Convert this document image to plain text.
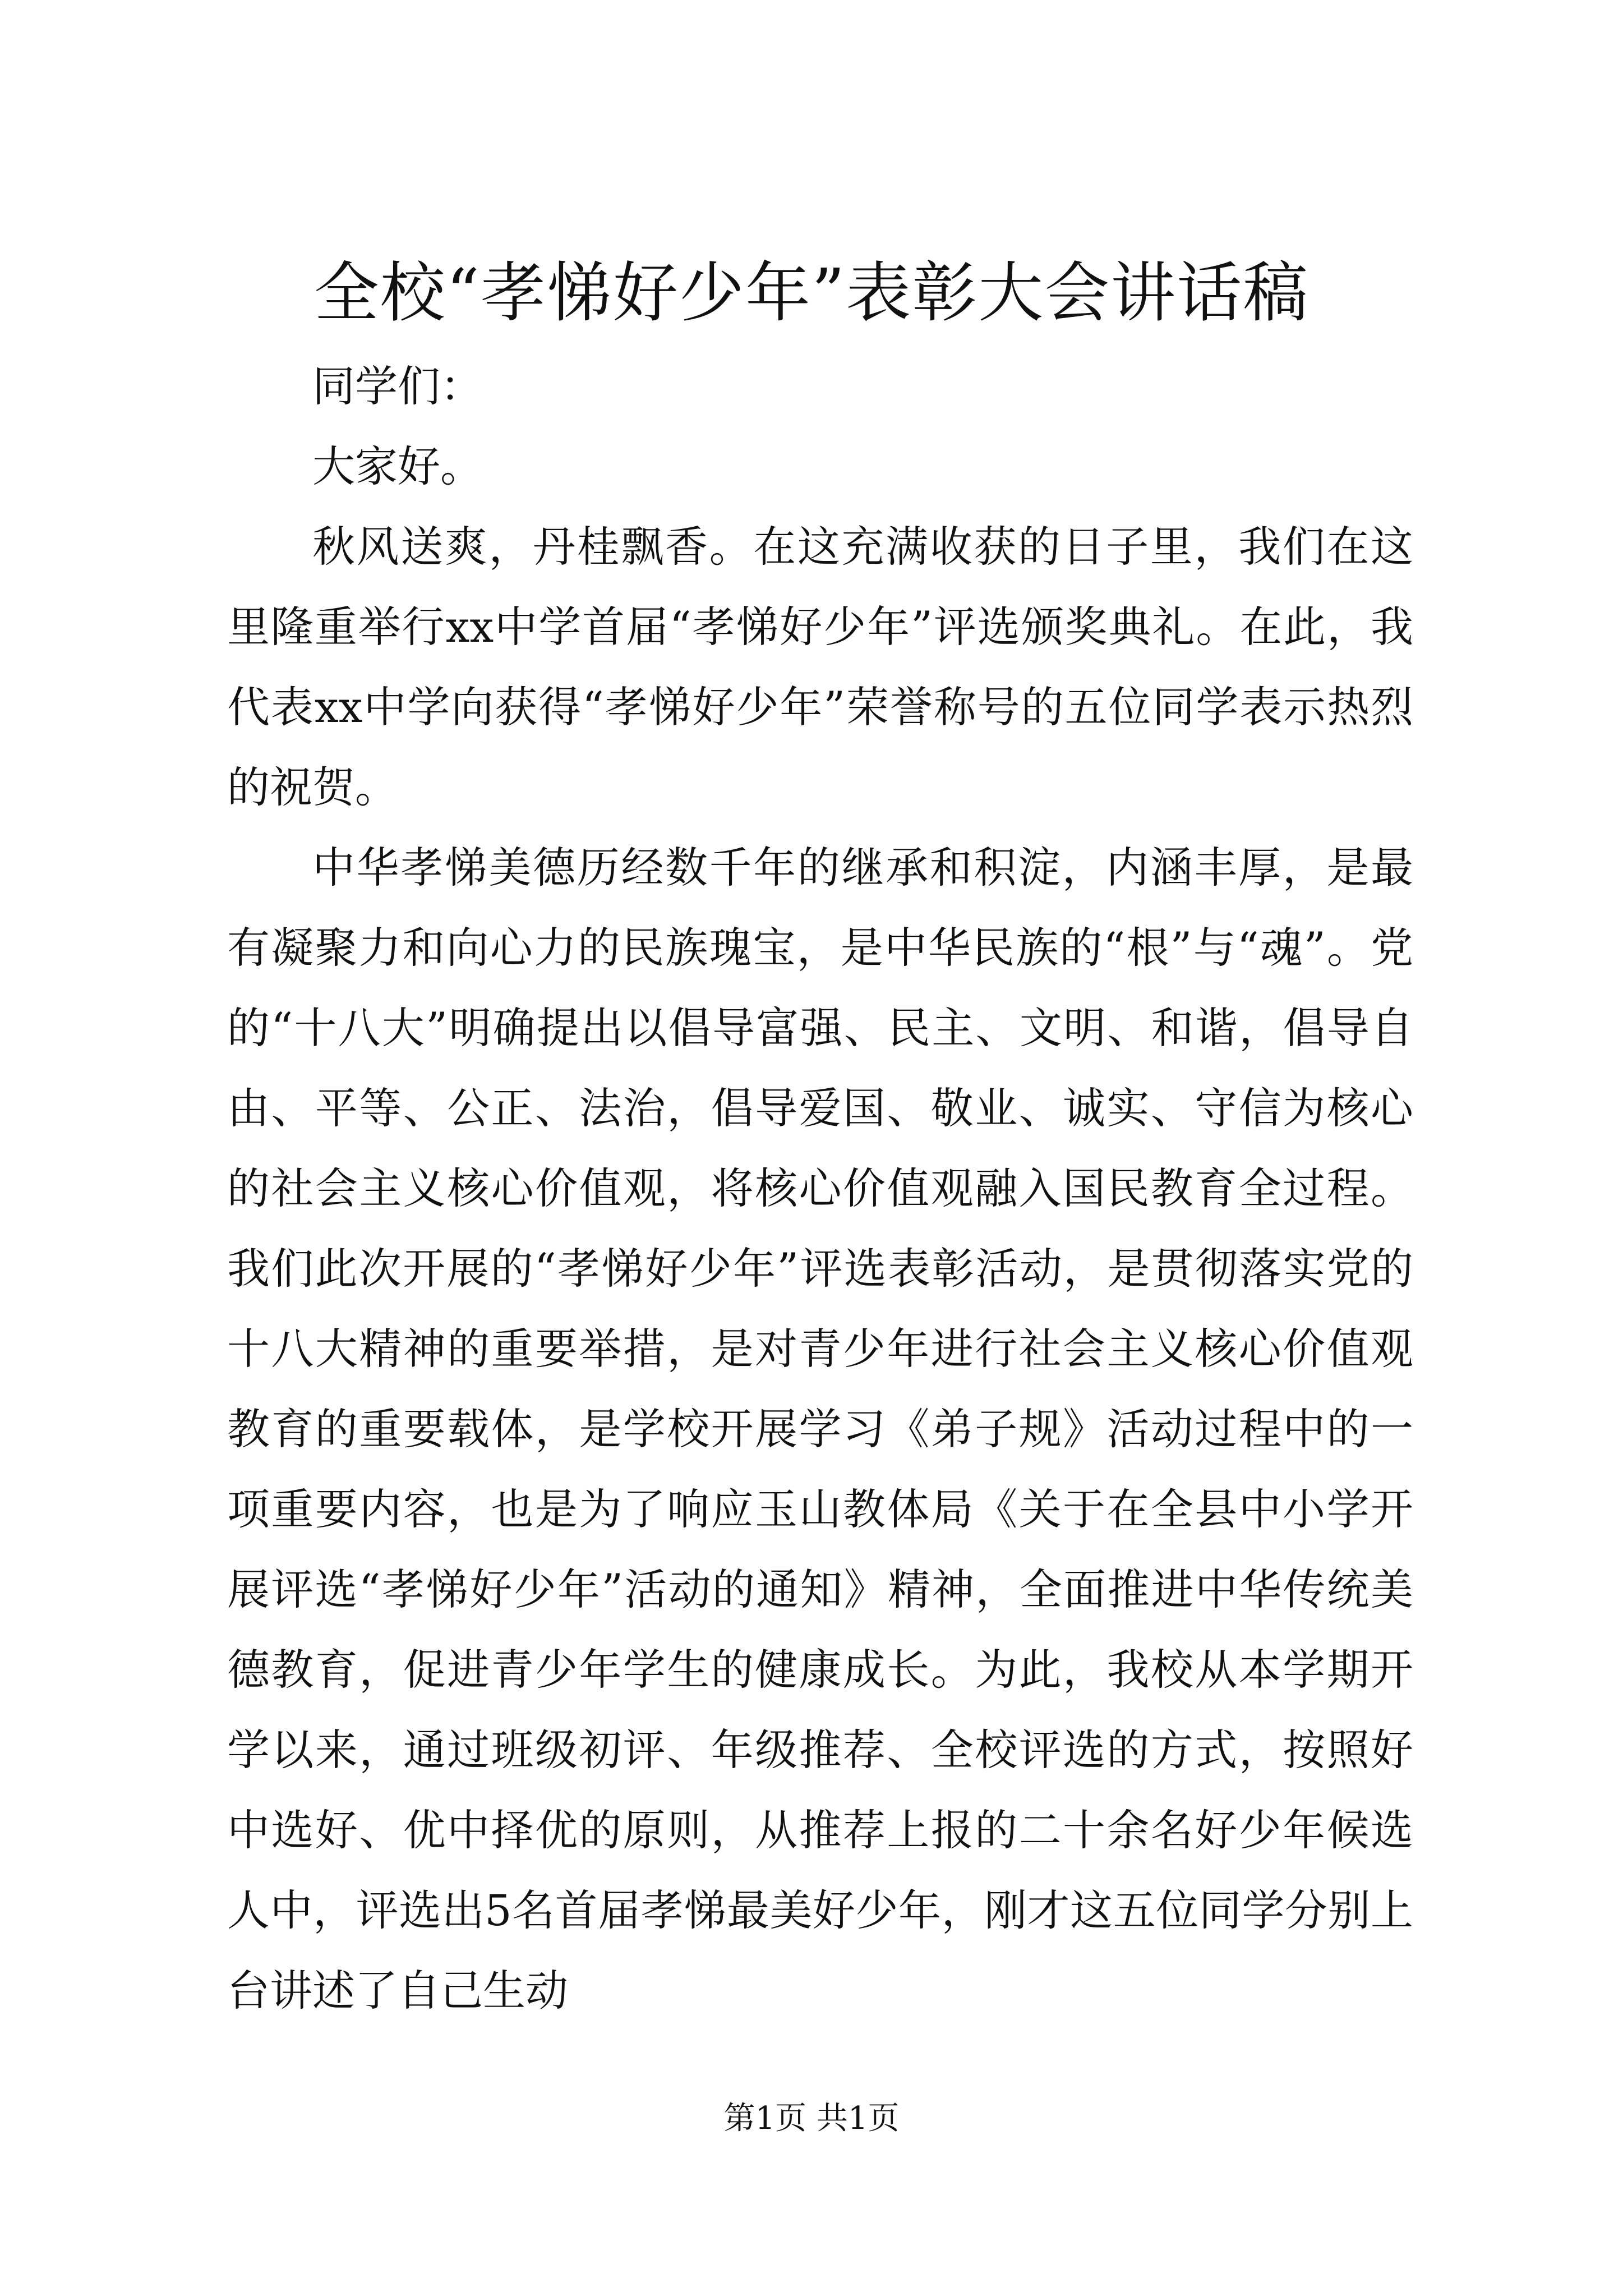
全校“孝悌好少年”表彰大会讲话稿

同学们：

大家好。

秋风送爽，丹桂飘香。在这充满收获的日子里，我们在这里隆重举行xx中学首届“孝悌好少年”评选颁奖典礼。在此，我代表xx中学向获得“孝悌好少年”荣誉称号的五位同学表示热烈的祝贺。

中华孝悌美德历经数千年的继承和积淀，内涵丰厚，是最有凝聚力和向心力的民族瑰宝，是中华民族的“根”与“魂”。党的“十八大”明确提出以倡导富强、民主、文明、和谐，倡导自由、平等、公正、法治，倡导爱国、敬业、诚实、守信为核心的社会主义核心价值观，将核心价值观融入国民教育全过程。我们此次开展的“孝悌好少年”评选表彰活动，是贯彻落实党的十八大精神的重要举措，是对青少年进行社会主义核心价值观教育的重要载体，是学校开展学习《弟子规》活动过程中的一项重要内容，也是为了响应玉山教体局《关于在全县中小学开展评选“孝悌好少年”活动的通知》精神，全面推进中华传统美德教育，促进青少年学生的健康成长。为此，我校从本学期开学以来，通过班级初评、年级推荐、全校评选的方式，按照好中选好、优中择优的原则，从推荐上报的二十余名好少年候选人中，评选出5名首届孝悌最美好少年，刚才这五位同学分别上台讲述了自己生动

第1页 共1页
